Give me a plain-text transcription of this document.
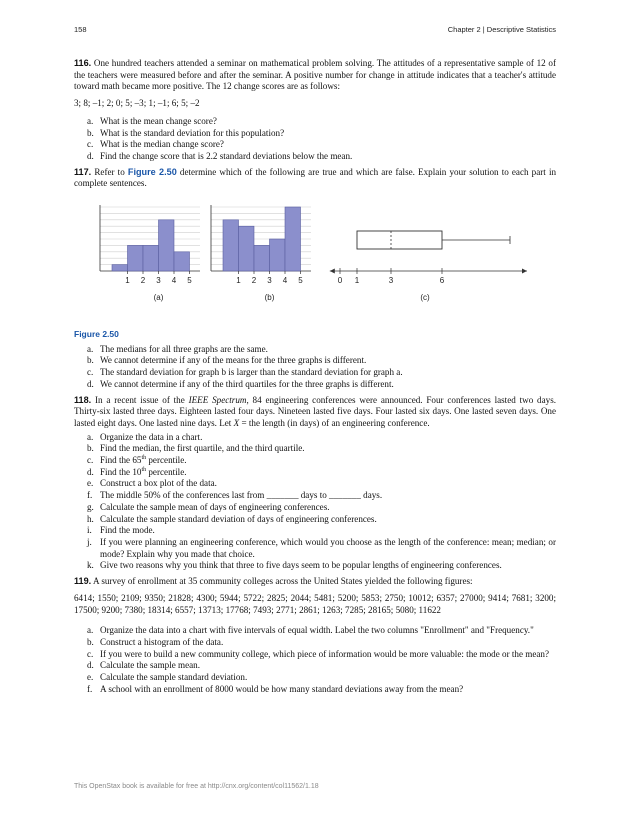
158	Chapter 2 | Descriptive Statistics

116. One hundred teachers attended a seminar on mathematical problem solving. The attitudes of a representative sample of 12 of the teachers were measured before and after the seminar. A positive number for change in attitude indicates that a teacher's attitude toward math became more positive. The 12 change scores are as follows:

3; 8; –1; 2; 0; 5; –3; 1; –1; 6; 5; –2

a. What is the mean change score?
b. What is the standard deviation for this population?
c. What is the median change score?
d. Find the change score that is 2.2 standard deviations below the mean.

117. Refer to Figure 2.50 determine which of the following are true and which are false. Explain your solution to each part in complete sentences.

1 2 3 4 5
(a)
1 2 3 4 5
(b)
0 1	3	6
(c)
Figure 2.50
a. The medians for all three graphs are the same.
b. We cannot determine if any of the means for the three graphs is different.
c. The standard deviation for graph b is larger than the standard deviation for graph a.
d. We cannot determine if any of the third quartiles for the three graphs is different.

118. In a recent issue of the IEEE Spectrum, 84 engineering conferences were announced. Four conferences lasted two days. Thirty-six lasted three days. Eighteen lasted four days. Nineteen lasted five days. Four lasted six days. One lasted seven days. One lasted eight days. One lasted nine days. Let X = the length (in days) of an engineering conference.

a. Organize the data in a chart.
b. Find the median, the first quartile, and the third quartile.
c. Find the 65th percentile.
d. Find the 10th percentile.
e. Construct a box plot of the data.
f. The middle 50% of the conferences last from _______ days to _______ days.
g. Calculate the sample mean of days of engineering conferences.
h. Calculate the sample standard deviation of days of engineering conferences.
i. Find the mode.
j. If you were planning an engineering conference, which would you choose as the length of the conference: mean; median; or mode? Explain why you made that choice.
k. Give two reasons why you think that three to five days seem to be popular lengths of engineering conferences.

119. A survey of enrollment at 35 community colleges across the United States yielded the following figures:

6414; 1550; 2109; 9350; 21828; 4300; 5944; 5722; 2825; 2044; 5481; 5200; 5853; 2750; 10012; 6357; 27000; 9414; 7681; 3200; 17500; 9200; 7380; 18314; 6557; 13713; 17768; 7493; 2771; 2861; 1263; 7285; 28165; 5080; 11622

a. Organize the data into a chart with five intervals of equal width. Label the two columns "Enrollment" and "Frequency."
b. Construct a histogram of the data.
c. If you were to build a new community college, which piece of information would be more valuable: the mode or the mean?
d. Calculate the sample mean.
e. Calculate the sample standard deviation.
f. A school with an enrollment of 8000 would be how many standard deviations away from the mean?
This OpenStax book is available for free at http://cnx.org/content/col11562/1.18
